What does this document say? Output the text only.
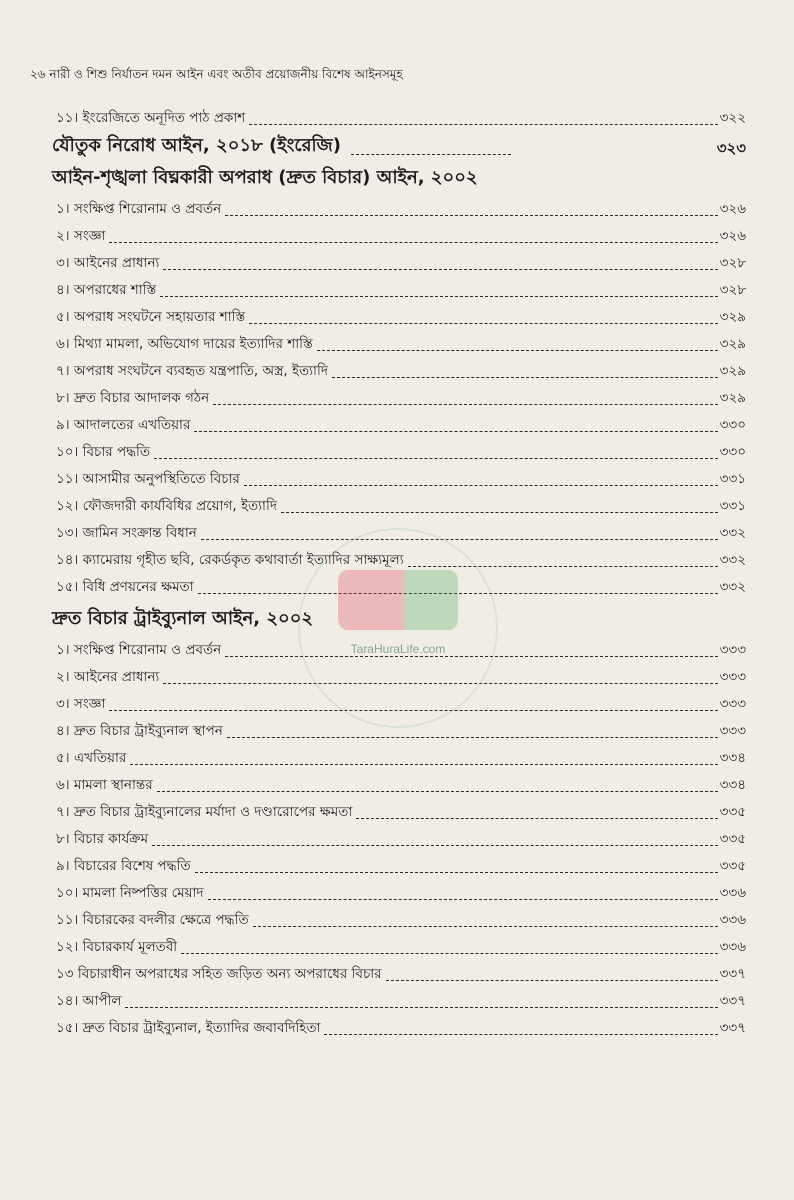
২৬ নারী ও শিশু নির্যাতন দমন আইন এবং অতীব প্রয়োজনীয় বিশেষ আইনসমূহ
১১। ইংরেজিতে অনূদিত পাঠ প্রকাশ	৩২২
যৌতুক নিরোধ আইন, ২০১৮ (ইংরেজি)	৩২৩
আইন-শৃঙ্খলা বিঘ্নকারী অপরাধ (দ্রুত বিচার) আইন, ২০০২
১। সংক্ষিপ্ত শিরোনাম ও প্রবর্তন	৩২৬
২। সংজ্ঞা	৩২৬
৩। আইনের প্রাধান্য	৩২৮
৪। অপরাধের শাস্তি	৩২৮
৫। অপরাধ সংঘটনে সহায়তার শাস্তি	৩২৯
৬। মিথ্যা মামলা, অভিযোগ দায়ের ইত্যাদির শাস্তি	৩২৯
৭। অপরাধ সংঘটনে ব্যবহৃত যন্ত্রপাতি, অস্ত্র, ইত্যাদি	৩২৯
৮। দ্রুত বিচার আদালক গঠন	৩২৯
৯। আদালতের এখতিয়ার	৩৩০
১০। বিচার পদ্ধতি	৩৩০
১১। আসামীর অনুপস্থিতিতে বিচার	৩৩১
১২। ফৌজদারী কার্যবিধির প্রয়োগ, ইত্যাদি	৩৩১
১৩। জামিন সংক্রান্ত বিধান	৩৩২
১৪। ক্যামেরায় গৃহীত ছবি, রেকর্ডকৃত কথাবার্তা ইত্যাদির সাক্ষ্যমূল্য	৩৩২
১৫। বিধি প্রণয়নের ক্ষমতা	৩৩২
দ্রুত বিচার ট্রাইব্যুনাল আইন, ২০০২
১। সংক্ষিপ্ত শিরোনাম ও প্রবর্তন	৩৩৩
২। আইনের প্রাধান্য	৩৩৩
৩। সংজ্ঞা	৩৩৩
৪। দ্রুত বিচার ট্রাইব্যুনাল স্থাপন	৩৩৩
৫। এখতিয়ার	৩৩৪
৬। মামলা স্থানান্তর	৩৩৪
৭। দ্রুত বিচার ট্রাইব্যুনালের মর্যাদা ও দণ্ডারোপের ক্ষমতা	৩৩৫
৮। বিচার কার্যক্রম	৩৩৫
৯। বিচারের বিশেষ পদ্ধতি	৩৩৫
১০। মামলা নিষ্পত্তির মেয়াদ	৩৩৬
১১। বিচারকের বদলীর ক্ষেত্রে পদ্ধতি	৩৩৬
১২। বিচারকার্য মূলতবী	৩৩৬
১৩ বিচারাধীন অপরাধের সহিত জড়িত অন্য অপরাধের বিচার	৩৩৭
১৪। আপীল	৩৩৭
১৫। দ্রুত বিচার ট্রাইব্যুনাল, ইত্যাদির জবাবদিহিতা	৩৩৭
TaraHuraLife.com
